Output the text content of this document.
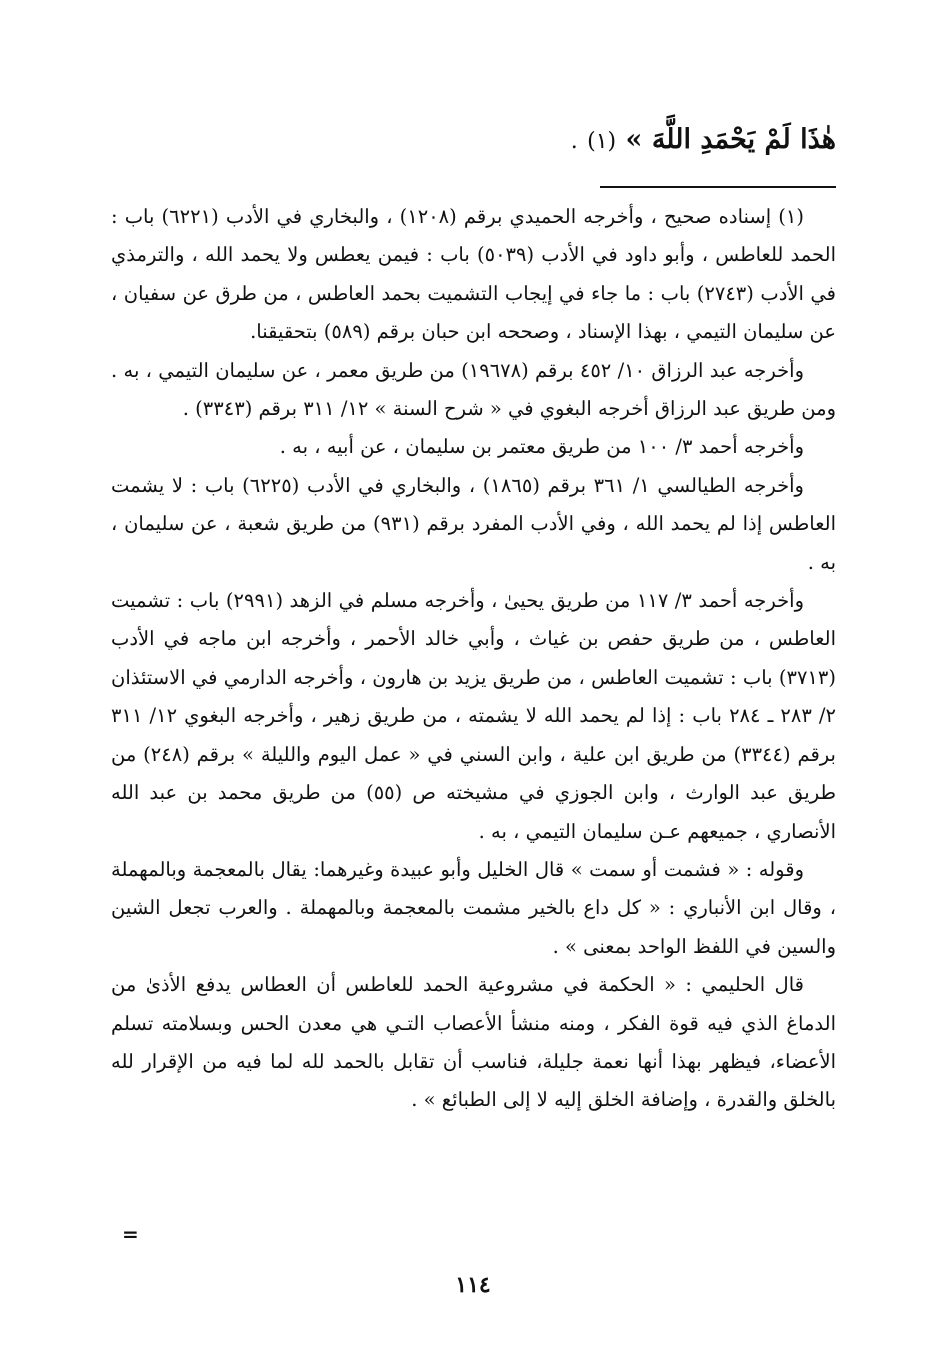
هٰذَا لَمْ يَحْمَدِ اللَّهَ » (١) .

(١) إسناده صحيح ، وأخرجه الحميدي برقم (١٢٠٨) ، والبخاري في الأدب (٦٢٢١) باب : الحمد للعاطس ، وأبو داود في الأدب (٥٠٣٩) باب : فيمن يعطس ولا يحمد الله ، والترمذي في الأدب (٢٧٤٣) باب : ما جاء في إيجاب التشميت بحمد العاطس ، من طرق عن سفيان ، عن سليمان التيمي ، بهذا الإسناد ، وصححه ابن حبان برقم (٥٨٩) بتحقيقنا.

وأخرجه عبد الرزاق ١٠/ ٤٥٢ برقم (١٩٦٧٨) من طريق معمر ، عن سليمان التيمي ، به . ومن طريق عبد الرزاق أخرجه البغوي في « شرح السنة » ١٢/ ٣١١ برقم (٣٣٤٣) .

وأخرجه أحمد ٣/ ١٠٠ من طريق معتمر بن سليمان ، عن أبيه ، به .

وأخرجه الطيالسي ١/ ٣٦١ برقم (١٨٦٥) ، والبخاري في الأدب (٦٢٢٥) باب : لا يشمت العاطس إذا لم يحمد الله ، وفي الأدب المفرد برقم (٩٣١) من طريق شعبة ، عن سليمان ، به .

وأخرجه أحمد ٣/ ١١٧ من طريق يحيىٰ ، وأخرجه مسلم في الزهد (٢٩٩١) باب : تشميت العاطس ، من طريق حفص بن غياث ، وأبي خالد الأحمر ، وأخرجه ابن ماجه في الأدب (٣٧١٣) باب : تشميت العاطس ، من طريق يزيد بن هارون ، وأخرجه الدارمي في الاستئذان ٢/ ٢٨٣ ـ ٢٨٤ باب : إذا لم يحمد الله لا يشمته ، من طريق زهير ، وأخرجه البغوي ١٢/ ٣١١ برقم (٣٣٤٤) من طريق ابن علية ، وابن السني في « عمل اليوم والليلة » برقم (٢٤٨) من طريق عبد الوارث ، وابن الجوزي في مشيخته ص (٥٥) من طريق محمد بن عبد الله الأنصاري ، جميعهم عـن سليمان التيمي ، به .

وقوله : « فشمت أو سمت » قال الخليل وأبو عبيدة وغيرهما: يقال بالمعجمة وبالمهملة ، وقال ابن الأنباري : « كل داع بالخير مشمت بالمعجمة وبالمهملة . والعرب تجعل الشين والسين في اللفظ الواحد بمعنى » .

قال الحليمي : « الحكمة في مشروعية الحمد للعاطس أن العطاس يدفع الأذىٰ من الدماغ الذي فيه قوة الفكر ، ومنه منشأ الأعصاب التـي هي معدن الحس وبسلامته تسلم الأعضاء، فيظهر بهذا أنها نعمة جليلة، فناسب أن تقابل بالحمد لله لما فيه من الإقرار لله بالخلق والقدرة ، وإضافة الخلق إليه لا إلى الطبائع » .

=
١١٤
